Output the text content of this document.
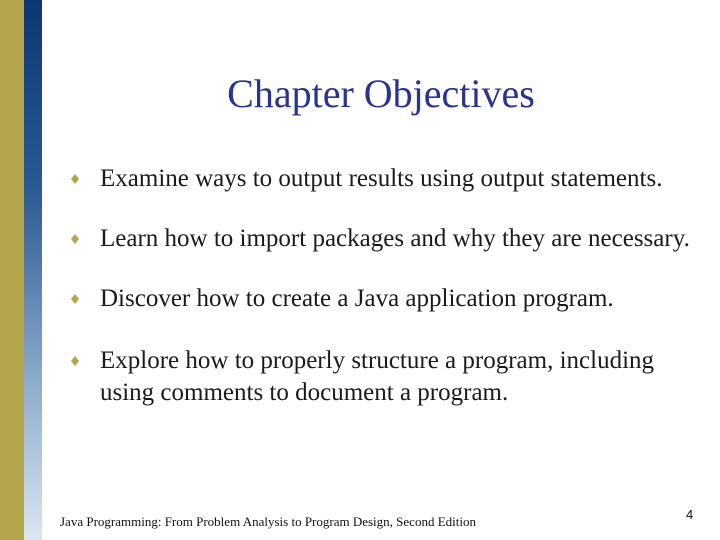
Chapter Objectives
Examine ways to output results using output statements.
Learn how to import packages and why they are necessary.
Discover how to create a Java application program.
Explore how to properly structure a program, including using comments to document a program.
Java Programming: From Problem Analysis to Program Design, Second Edition	4
